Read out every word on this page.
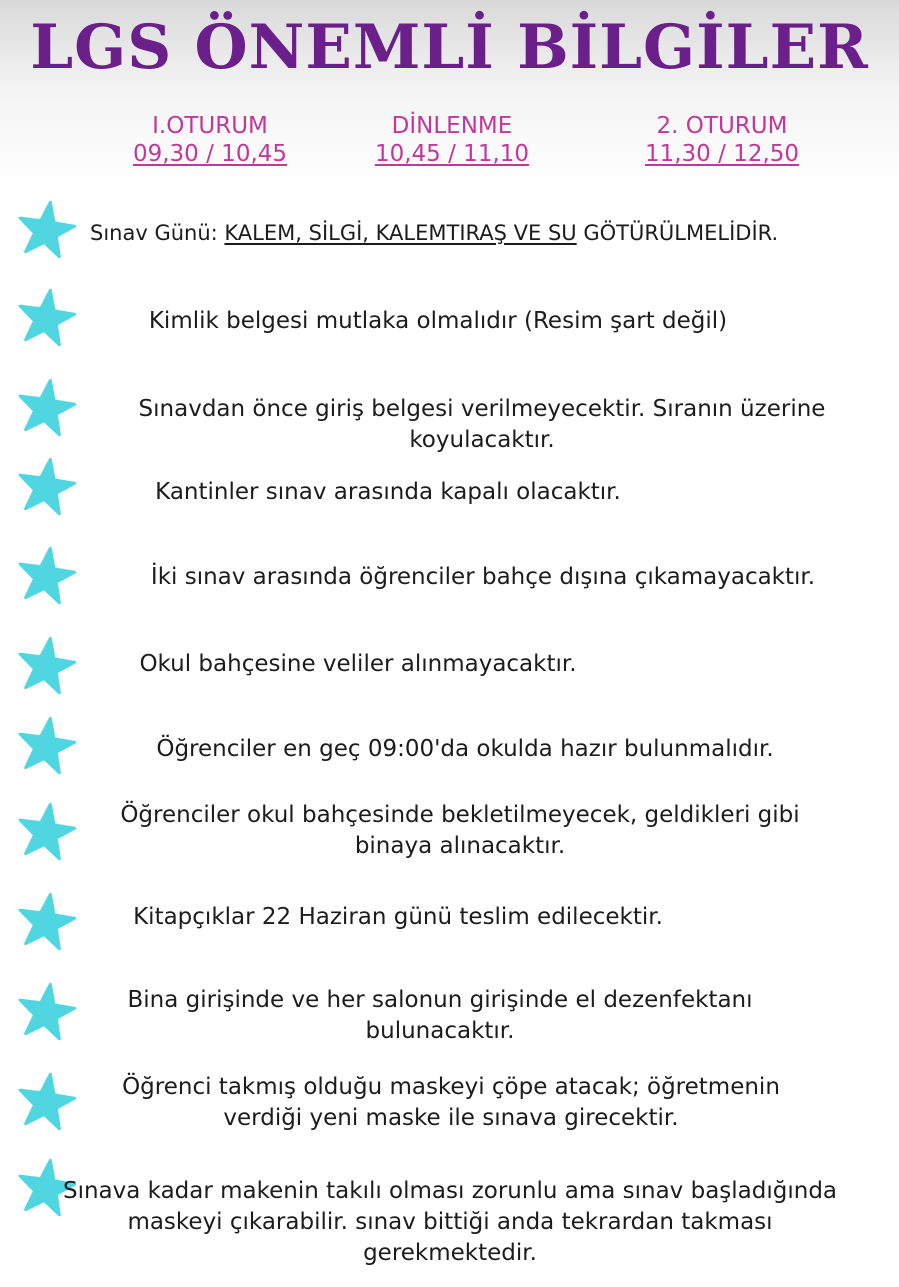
LGS ÖNEMLİ BİLGİLER
I.OTURUM
09,30 / 10,45
DİNLENME
10,45 / 11,10
2. OTURUM
11,30 / 12,50
Sınav Günü: KALEM, SİLGİ, KALEMTIRAŞ VE SU GÖTÜRÜLMELİDİR.
Kimlik belgesi mutlaka olmalıdır (Resim şart değil)
Sınavdan önce giriş belgesi verilmeyecektir. Sıranın üzerine koyulacaktır.
Kantinler sınav arasında kapalı olacaktır.
İki sınav arasında öğrenciler bahçe dışına çıkamayacaktır.
Okul bahçesine veliler alınmayacaktır.
Öğrenciler en geç 09:00'da okulda hazır bulunmalıdır.
Öğrenciler okul bahçesinde bekletilmeyecek, geldikleri gibi binaya alınacaktır.
Kitapçıklar 22 Haziran günü teslim edilecektir.
Bina girişinde ve her salonun girişinde el dezenfektanı bulunacaktır.
Öğrenci takmış olduğu maskeyi çöpe atacak; öğretmenin verdiği yeni maske ile sınava girecektir.
Sınava kadar makenin takılı olması zorunlu ama sınav başladığında maskeyi çıkarabilir. sınav bittiği anda tekrardan takması gerekmektedir.
